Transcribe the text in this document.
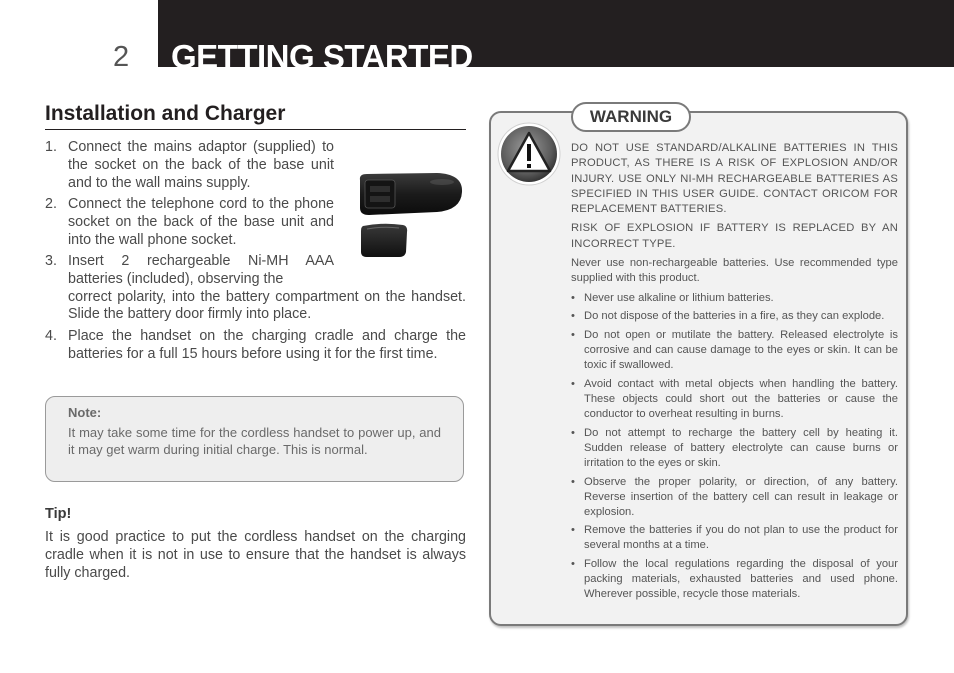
GETTING STARTED
2
Installation and Charger
1. Connect the mains adaptor (supplied) to the socket on the back of the base unit and to the wall mains supply.
2. Connect the telephone cord to the phone socket on the back of the base unit and into the wall phone socket.
3. Insert 2 rechargeable Ni-MH AAA batteries (included), observing the
correct polarity, into the battery compartment on the handset. Slide the battery door firmly into place.
4. Place the handset on the charging cradle and charge the batteries for a full 15 hours before using it for the first time.
Note:
It may take some time for the cordless handset to power up, and it may get warm during initial charge. This is normal.
Tip!
It is good practice to put the cordless handset on the charging cradle when it is not in use to ensure that the handset is always fully charged.
WARNING

DO NOT USE STANDARD/ALKALINE BATTERIES IN THIS PRODUCT, AS THERE IS A RISK OF EXPLOSION AND/OR INJURY. USE ONLY NI-MH RECHARGEABLE BATTERIES AS SPECIFIED IN THIS USER GUIDE. CONTACT ORICOM FOR REPLACEMENT BATTERIES.

RISK OF EXPLOSION IF BATTERY IS REPLACED BY AN INCORRECT TYPE.

Never use non-rechargeable batteries. Use recommended type supplied with this product.

• Never use alkaline or lithium batteries.
• Do not dispose of the batteries in a fire, as they can explode.
• Do not open or mutilate the battery. Released electrolyte is corrosive and can cause damage to the eyes or skin. It can be toxic if swallowed.
• Avoid contact with metal objects when handling the battery. These objects could short out the batteries or cause the conductor to overheat resulting in burns.
• Do not attempt to recharge the battery cell by heating it. Sudden release of battery electrolyte can cause burns or irritation to the eyes or skin.
• Observe the proper polarity, or direction, of any battery. Reverse insertion of the battery cell can result in leakage or explosion.
• Remove the batteries if you do not plan to use the product for several months at a time.
• Follow the local regulations regarding the disposal of your packing materials, exhausted batteries and used phone. Wherever possible, recycle those materials.
